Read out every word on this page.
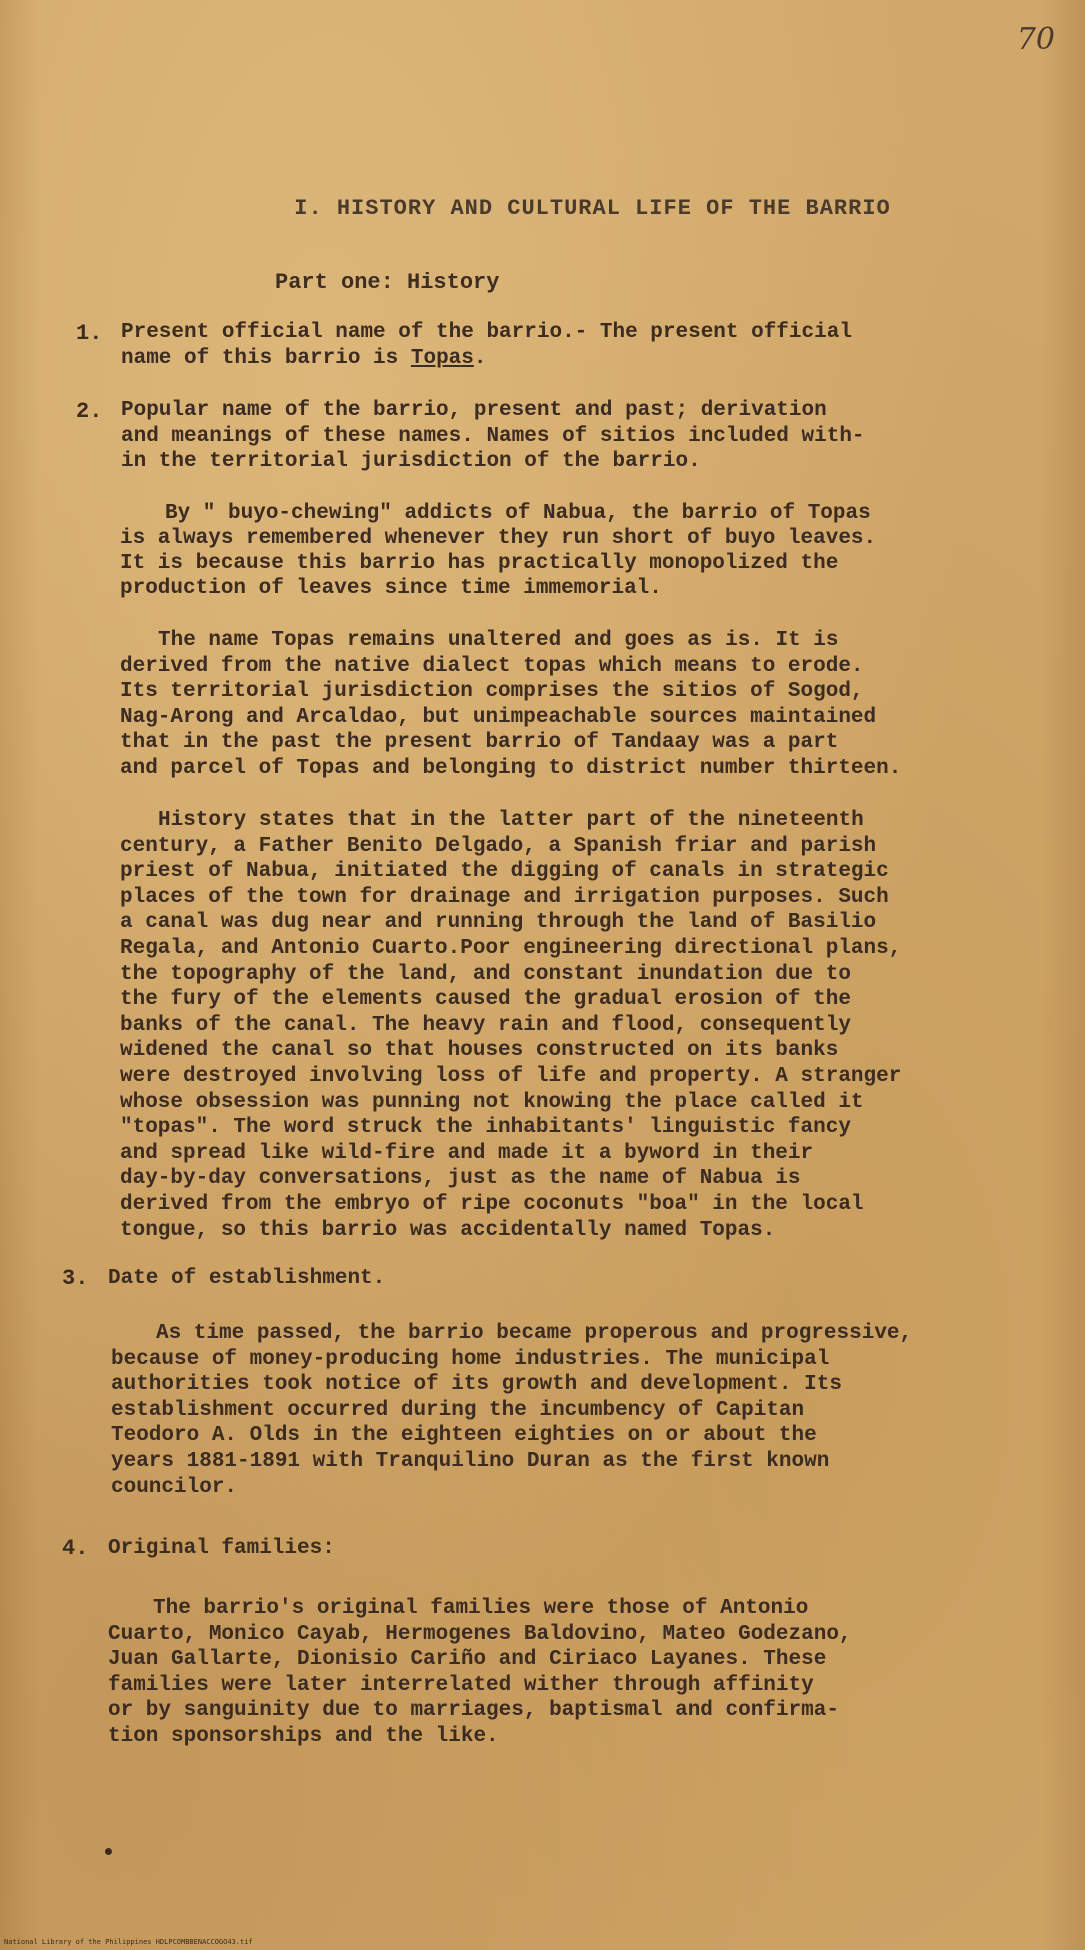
70
I. HISTORY AND CULTURAL LIFE OF THE BARRIO
Part one: History
1. Present official name of the barrio.- The present official
name of this barrio is Topas.
2. Popular name of the barrio, present and past; derivation
and meanings of these names. Names of sitios included with-
in the territorial jurisdiction of the barrio.
By " buyo-chewing" addicts of Nabua, the barrio of Topas
is always remembered whenever they run short of buyo leaves.
It is because this barrio has practically monopolized the
production of leaves since time immemorial.
The name Topas remains unaltered and goes as is. It is
derived from the native dialect topas which means to erode.
Its territorial jurisdiction comprises the sitios of Sogod,
Nag-Arong and Arcaldao, but unimpeachable sources maintained
that in the past the present barrio of Tandaay was a part
and parcel of Topas and belonging to district number thirteen.
History states that in the latter part of the nineteenth
century, a Father Benito Delgado, a Spanish friar and parish
priest of Nabua, initiated the digging of canals in strategic
places of the town for drainage and irrigation purposes. Such
a canal was dug near and running through the land of Basilio
Regala, and Antonio Cuarto.Poor engineering directional plans,
the topography of the land, and constant inundation due to
the fury of the elements caused the gradual erosion of the
banks of the canal. The heavy rain and flood, consequently
widened the canal so that houses constructed on its banks
were destroyed involving loss of life and property. A stranger
whose obsession was punning not knowing the place called it
"topas". The word struck the inhabitants' linguistic fancy
and spread like wild-fire and made it a byword in their
day-by-day conversations, just as the name of Nabua is
derived from the embryo of ripe coconuts "boa" in the local
tongue, so this barrio was accidentally named Topas.
3. Date of establishment.
As time passed, the barrio became properous and progressive,
because of money-producing home industries. The municipal
authorities took notice of its growth and development. Its
establishment occurred during the incumbency of Capitan
Teodoro A. Olds in the eighteen eighties on or about the
years 1881-1891 with Tranquilino Duran as the first known
councilor.
4. Original families:
The barrio's original families were those of Antonio
Cuarto, Monico Cayab, Hermogenes Baldovino, Mateo Godezano,
Juan Gallarte, Dionisio Cariño and Ciriaco Layanes. These
families were later interrelated wither through affinity
or by sanguinity due to marriages, baptismal and confirma-
tion sponsorships and the like.
National Library of the Philippines HDLPCOMBBENACCOGO43.tif
